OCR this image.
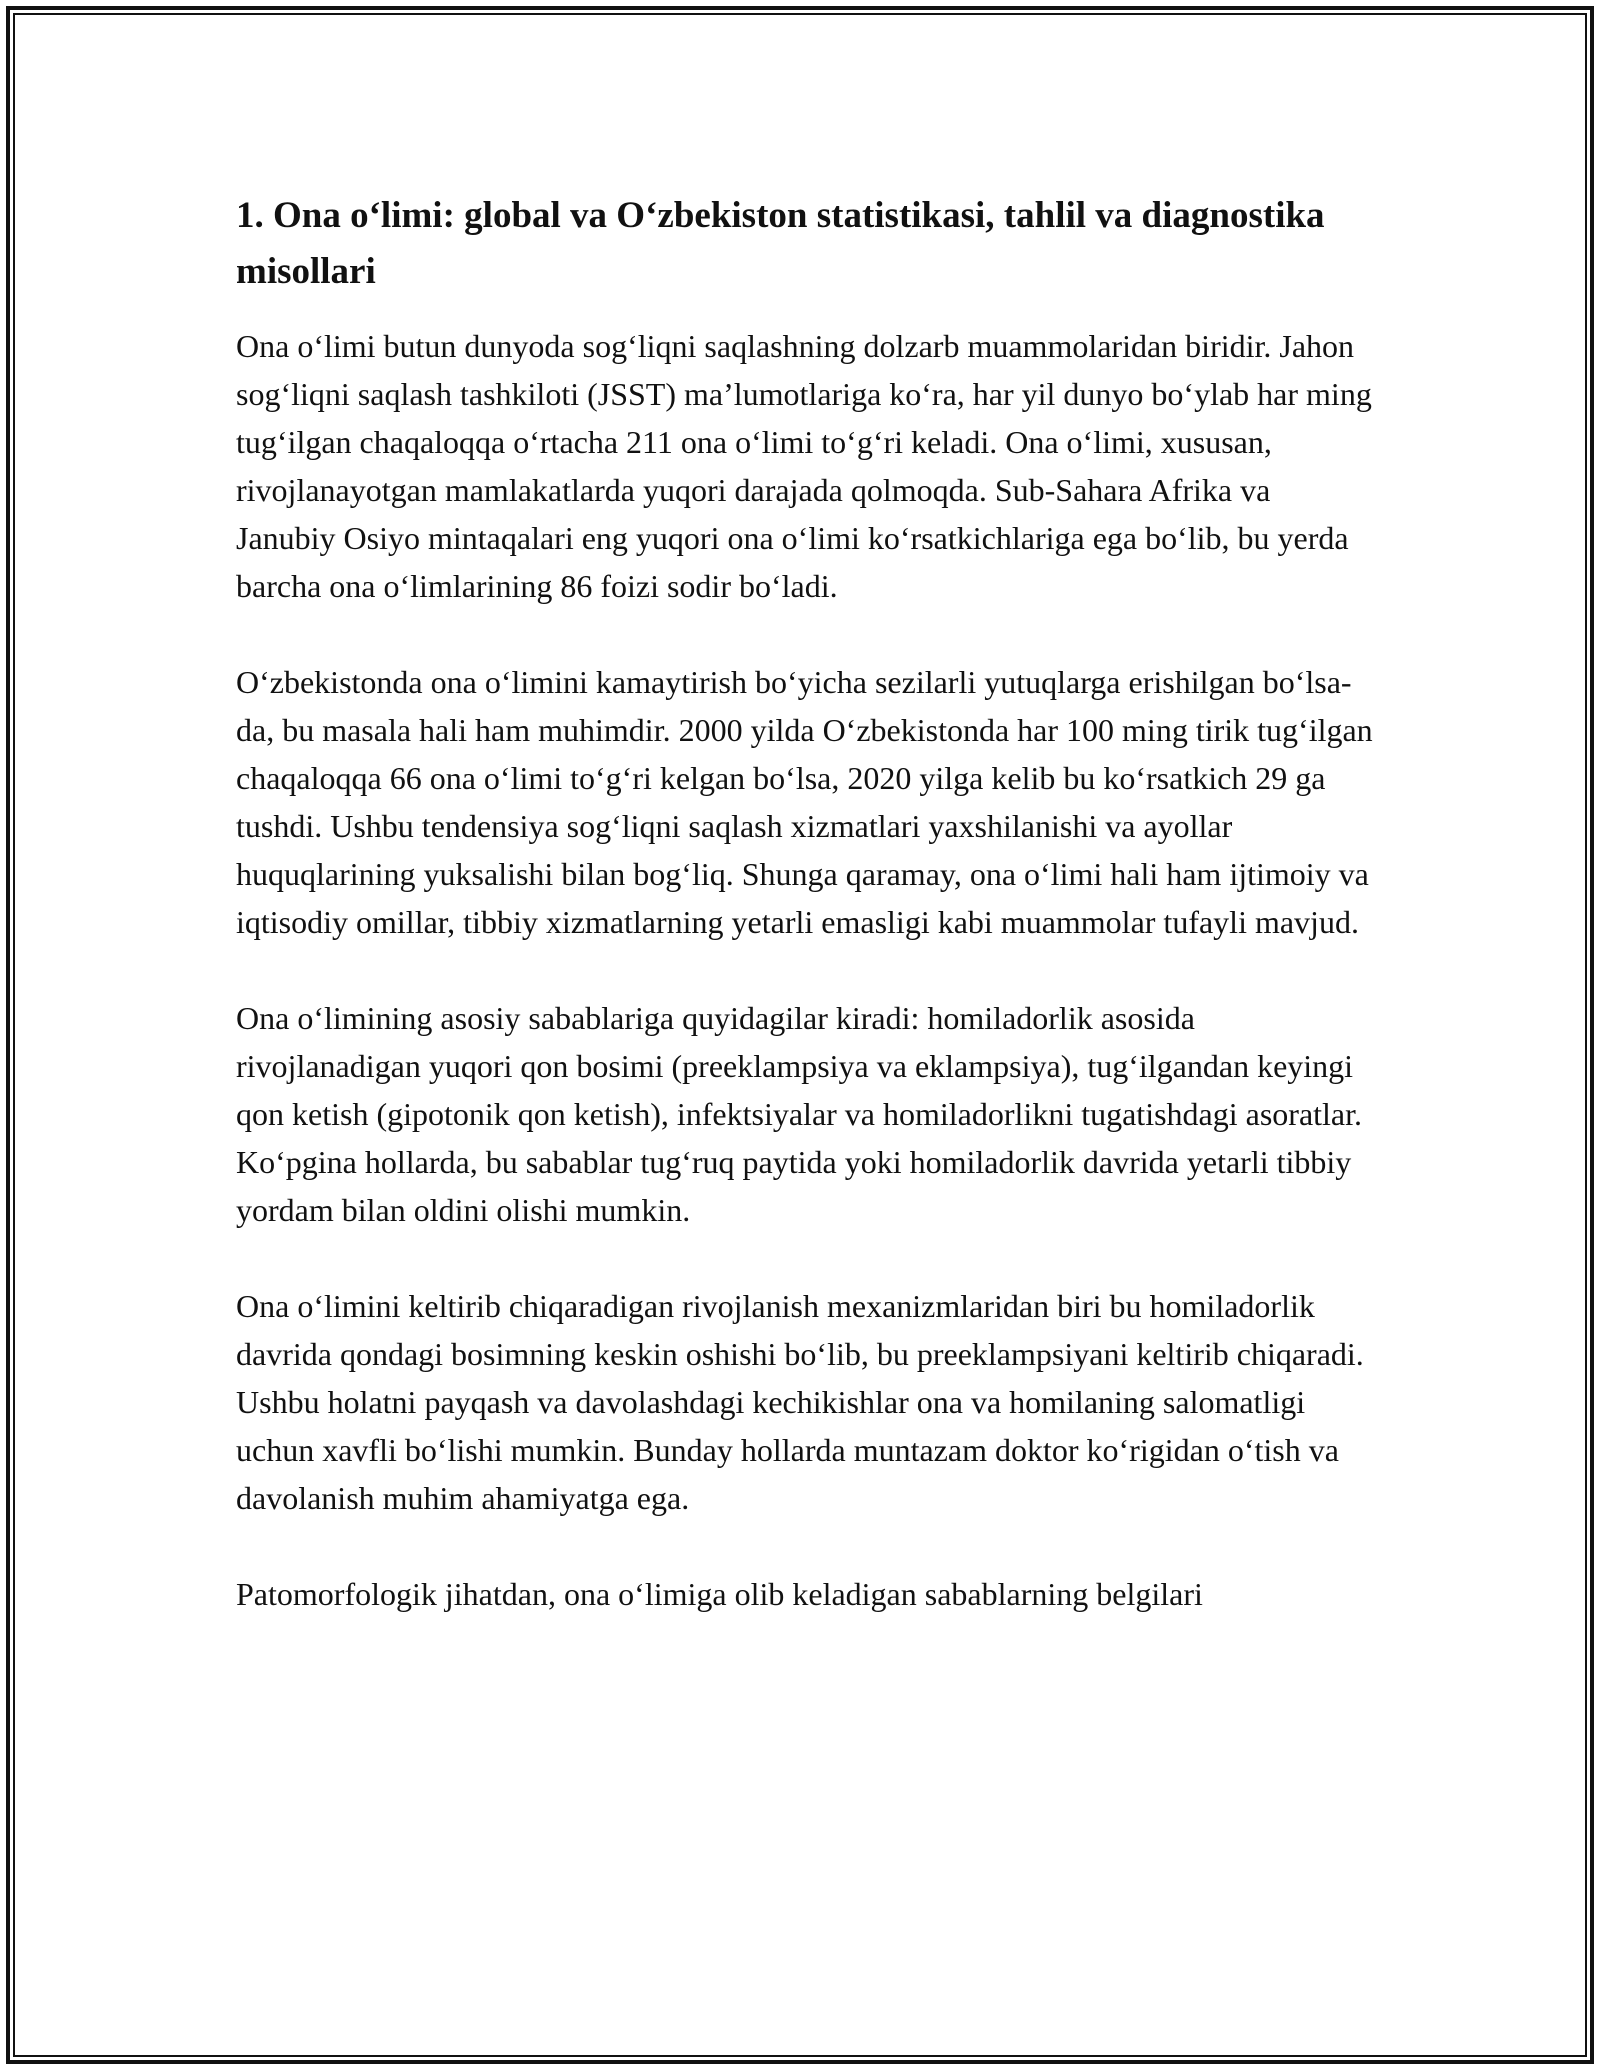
1. Ona o‘limi: global va O‘zbekiston statistikasi, tahlil va diagnostika misollari

Ona o‘limi butun dunyoda sog‘liqni saqlashning dolzarb muammolaridan biridir. Jahon sog‘liqni saqlash tashkiloti (JSST) ma’lumotlariga ko‘ra, har yil dunyo bo‘ylab har ming tug‘ilgan chaqaloqqa o‘rtacha 211 ona o‘limi to‘g‘ri keladi. Ona o‘limi, xususan, rivojlanayotgan mamlakatlarda yuqori darajada qolmoqda. Sub-Sahara Afrika va Janubiy Osiyo mintaqalari eng yuqori ona o‘limi ko‘rsatkichlariga ega bo‘lib, bu yerda barcha ona o‘limlarining 86 foizi sodir bo‘ladi.

O‘zbekistonda ona o‘limini kamaytirish bo‘yicha sezilarli yutuqlarga erishilgan bo‘lsa-da, bu masala hali ham muhimdir. 2000 yilda O‘zbekistonda har 100 ming tirik tug‘ilgan chaqaloqqa 66 ona o‘limi to‘g‘ri kelgan bo‘lsa, 2020 yilga kelib bu ko‘rsatkich 29 ga tushdi. Ushbu tendensiya sog‘liqni saqlash xizmatlari yaxshilanishi va ayollar huquqlarining yuksalishi bilan bog‘liq. Shunga qaramay, ona o‘limi hali ham ijtimoiy va iqtisodiy omillar, tibbiy xizmatlarning yetarli emasligi kabi muammolar tufayli mavjud.

Ona o‘limining asosiy sabablariga quyidagilar kiradi: homiladorlik asosida rivojlanadigan yuqori qon bosimi (preeklampsiya va eklampsiya), tug‘ilgandan keyingi qon ketish (gipotonik qon ketish), infektsiyalar va homiladorlikni tugatishdagi asoratlar. Ko‘pgina hollarda, bu sabablar tug‘ruq paytida yoki homiladorlik davrida yetarli tibbiy yordam bilan oldini olishi mumkin.

Ona o‘limini keltirib chiqaradigan rivojlanish mexanizmlaridan biri bu homiladorlik davrida qondagi bosimning keskin oshishi bo‘lib, bu preeklampsiyani keltirib chiqaradi. Ushbu holatni payqash va davolashdagi kechikishlar ona va homilaning salomatligi uchun xavfli bo‘lishi mumkin. Bunday hollarda muntazam doktor ko‘rigidan o‘tish va davolanish muhim ahamiyatga ega.

Patomorfologik jihatdan, ona o‘limiga olib keladigan sabablarning belgilari
